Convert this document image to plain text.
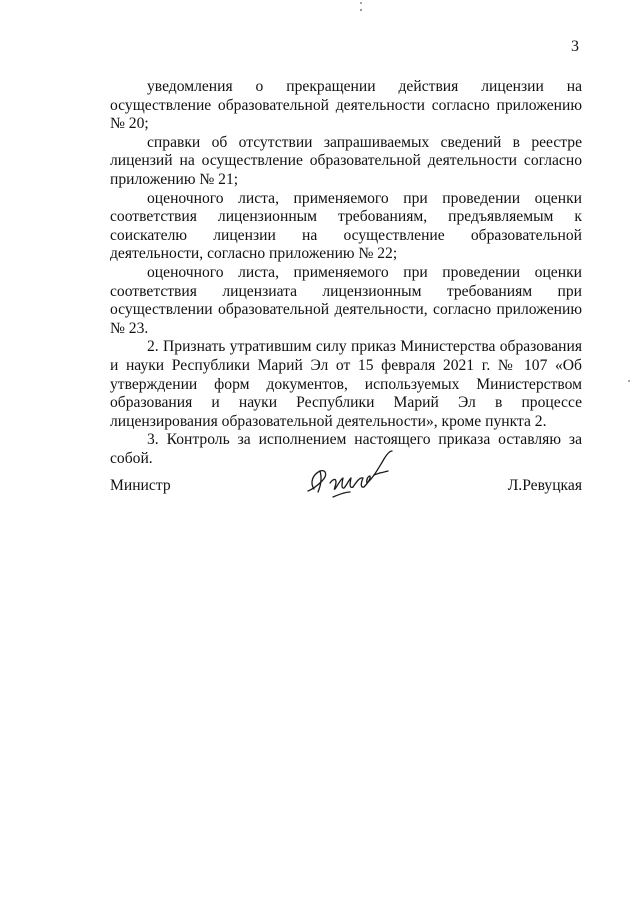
3

уведомления о прекращении действия лицензии на осуществление образовательной деятельности согласно приложению № 20;

справки об отсутствии запрашиваемых сведений в реестре лицензий на осуществление образовательной деятельности согласно приложению № 21;

оценочного листа, применяемого при проведении оценки соответствия лицензионным требованиям, предъявляемым к соискателю лицензии на осуществление образовательной деятельности, согласно приложению № 22;

оценочного листа, применяемого при проведении оценки соответствия лицензиата лицензионным требованиям при осуществлении образовательной деятельности, согласно приложению № 23.

2. Признать утратившим силу приказ Министерства образования и науки Республики Марий Эл от 15 февраля 2021 г. № 107 «Об утверждении форм документов, используемых Министерством образования и науки Республики Марий Эл в процессе лицензирования образовательной деятельности», кроме пункта 2.

3. Контроль за исполнением настоящего приказа оставляю за собой.

Министр	Л.Ревуцкая
